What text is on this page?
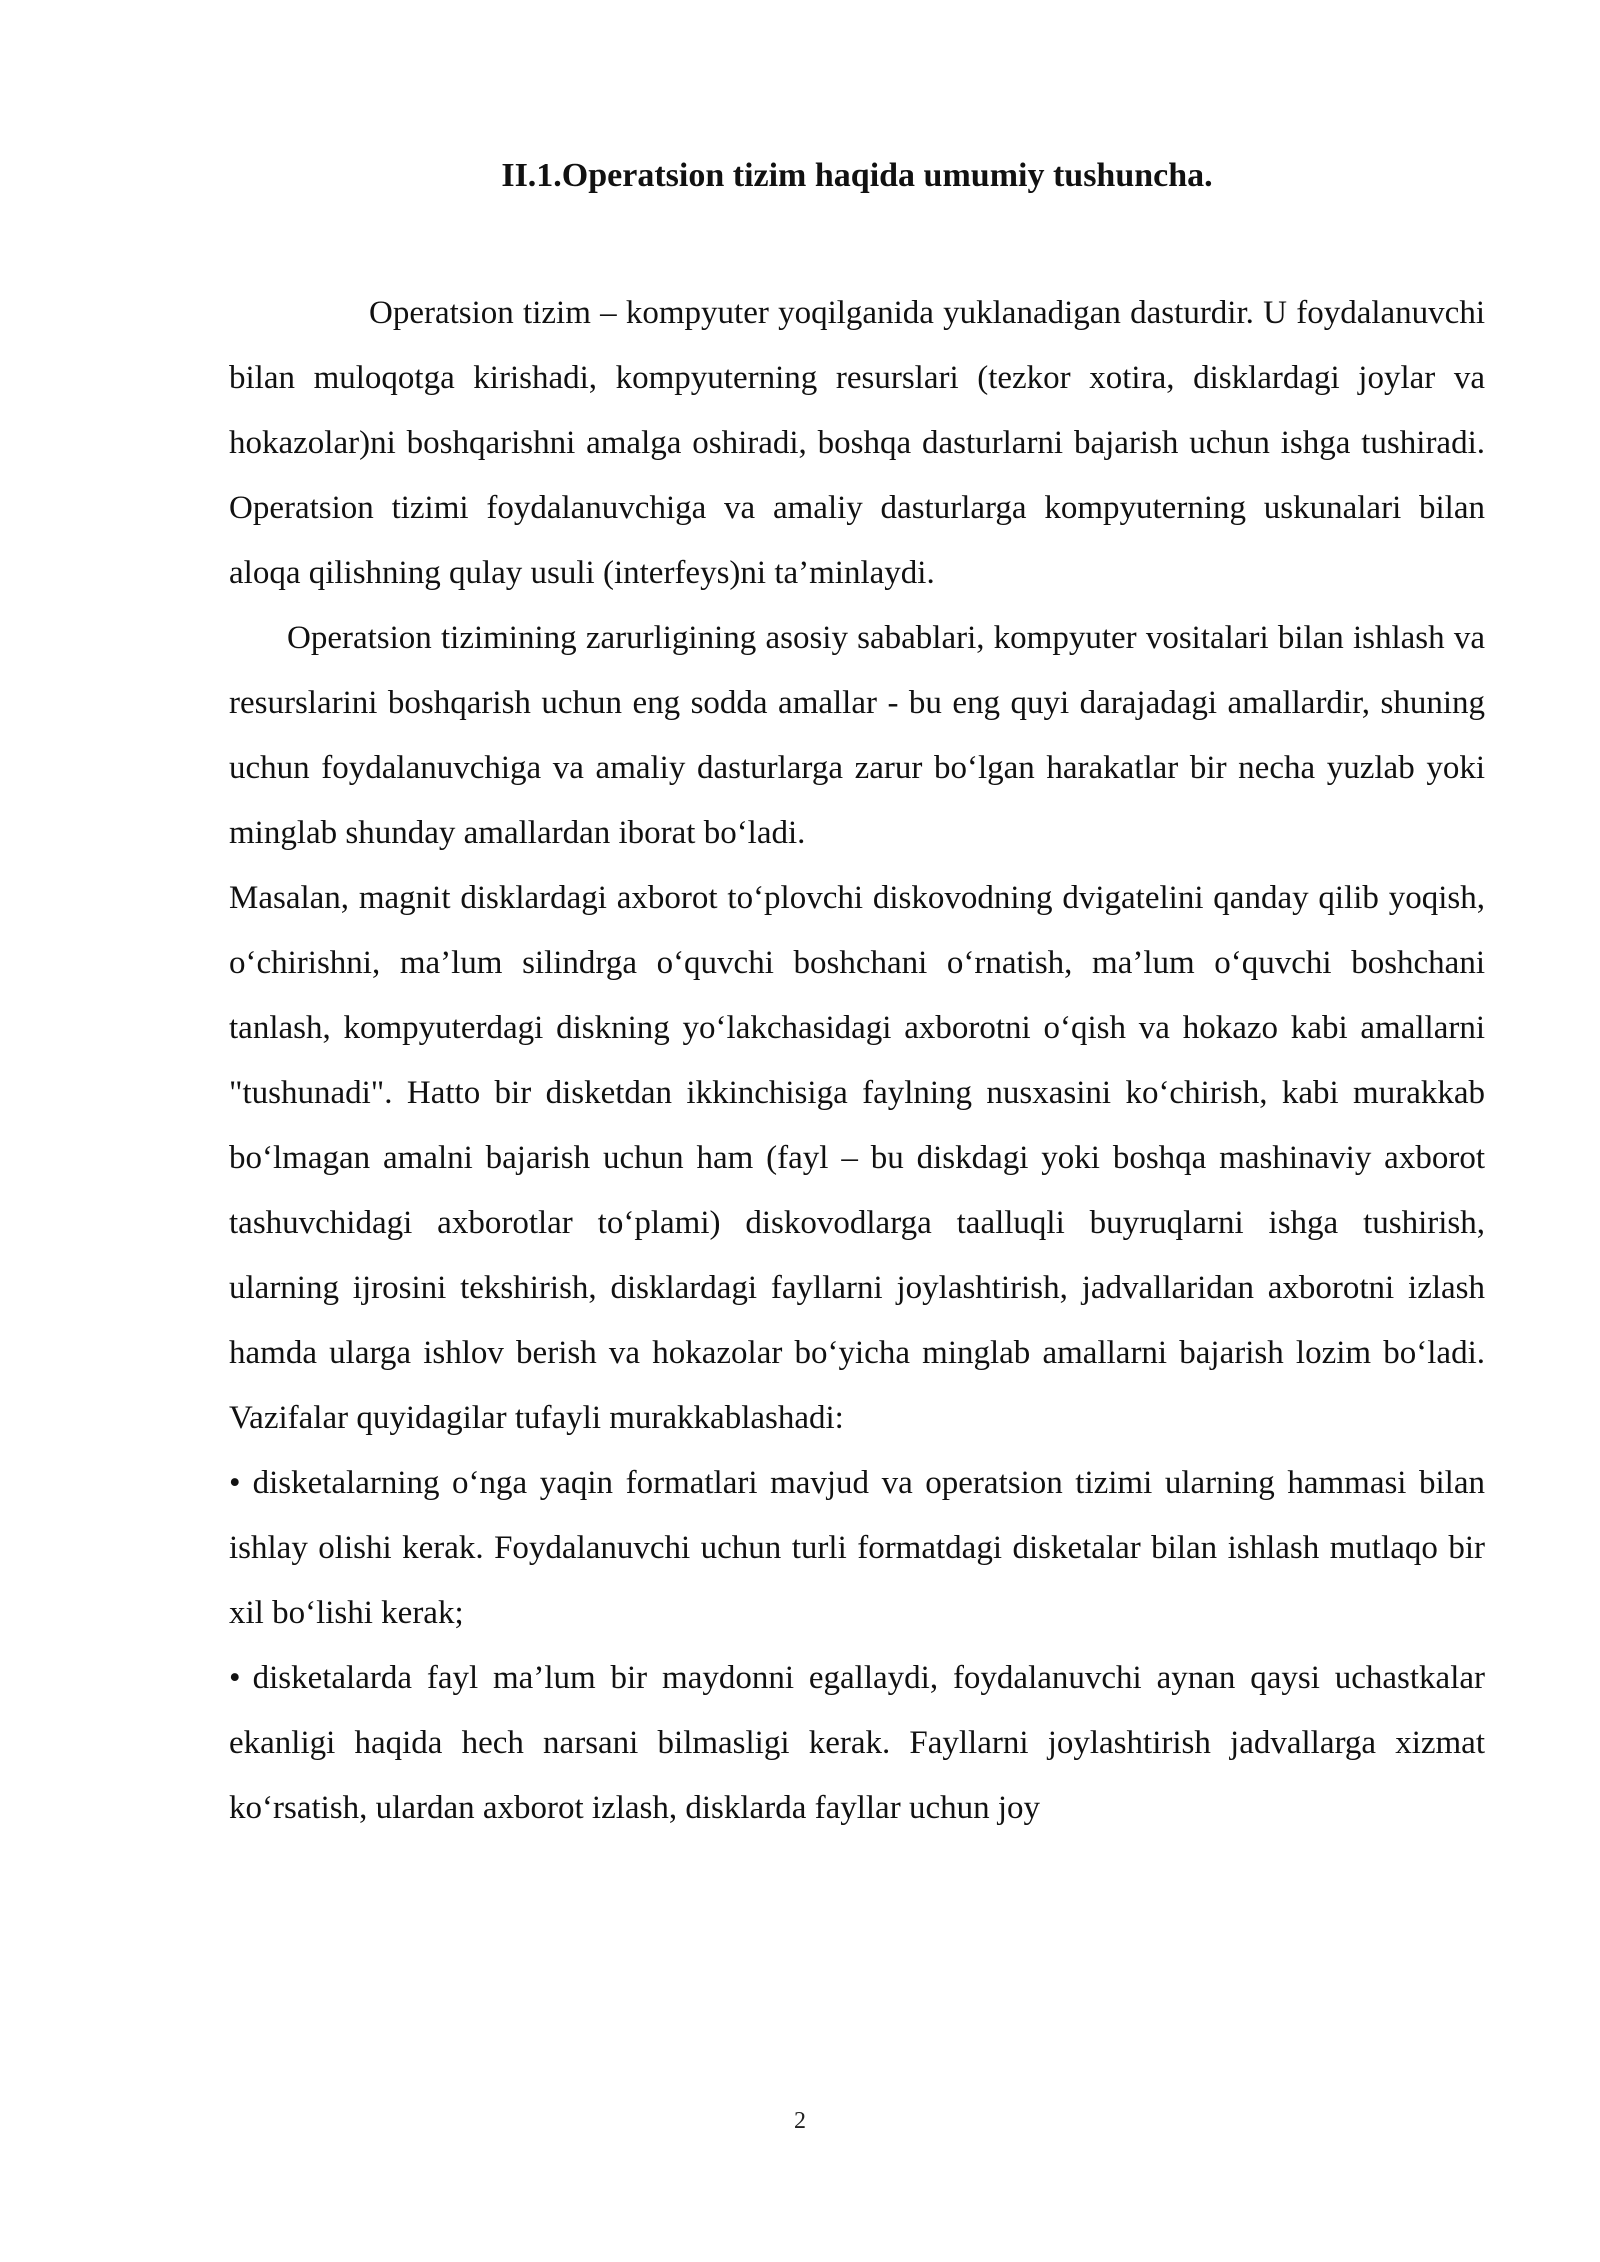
II.1.Operatsion tizim haqida umumiy tushuncha.

Operatsion tizim – kompyuter yoqilganida yuklanadigan dasturdir. U foydalanuvchi bilan muloqotga kirishadi, kompyuterning resurslari (tezkor xotira, disklardagi joylar va hokazolar)ni boshqarishni amalga oshiradi, boshqa dasturlarni bajarish uchun ishga tushiradi. Operatsion tizimi foydalanuvchiga va amaliy dasturlarga kompyuterning uskunalari bilan aloqa qilishning qulay usuli (interfeys)ni ta’minlaydi.

Operatsion tizimining zarurligining asosiy sabablari, kompyuter vositalari bilan ishlash va resurslarini boshqarish uchun eng sodda amallar - bu eng quyi darajadagi amallardir, shuning uchun foydalanuvchiga va amaliy dasturlarga zarur bo‘lgan harakatlar bir necha yuzlab yoki minglab shunday amallardan iborat bo‘ladi.

Masalan, magnit disklardagi axborot to‘plovchi diskovodning dvigatelini qanday qilib yoqish, o‘chirishni, ma’lum silindrga o‘quvchi boshchani o‘rnatish, ma’lum o‘quvchi boshchani tanlash, kompyuterdagi diskning yo‘lakchasidagi axborotni o‘qish va hokazo kabi amallarni "tushunadi". Hatto bir disketdan ikkinchisiga faylning nusxasini ko‘chirish, kabi murakkab bo‘lmagan amalni bajarish uchun ham (fayl – bu diskdagi yoki boshqa mashinaviy axborot tashuvchidagi axborotlar to‘plami) diskovodlarga taalluqli buyruqlarni ishga tushirish, ularning ijrosini tekshirish, disklardagi fayllarni joylashtirish, jadvallaridan axborotni izlash hamda ularga ishlov berish va hokazolar bo‘yicha minglab amallarni bajarish lozim bo‘ladi. Vazifalar quyidagilar tufayli murakkablashadi:

• disketalarning o‘nga yaqin formatlari mavjud va operatsion tizimi ularning hammasi bilan ishlay olishi kerak. Foydalanuvchi uchun turli formatdagi disketalar bilan ishlash mutlaqo bir xil bo‘lishi kerak;

• disketalarda fayl ma’lum bir maydonni egallaydi, foydalanuvchi aynan qaysi uchastkalar ekanligi haqida hech narsani bilmasligi kerak. Fayllarni joylashtirish jadvallarga xizmat ko‘rsatish, ulardan axborot izlash, disklarda fayllar uchun joy

2
